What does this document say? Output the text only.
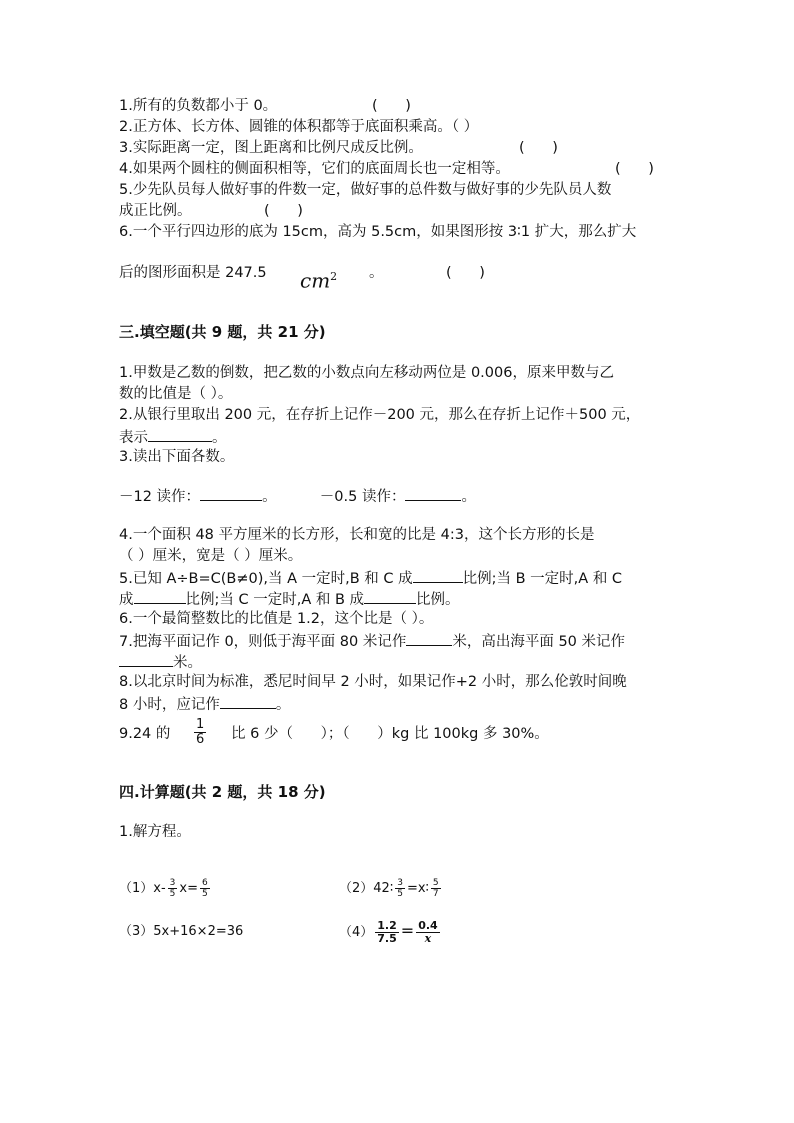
1.所有的负数都小于 0。	(      )
2.正方体、长方体、圆锥的体积都等于底面积乘高。（ ）
3.实际距离一定，图上距离和比例尺成反比例。	(      )
4.如果两个圆柱的侧面积相等，它们的底面周长也一定相等。	(      )
5.少先队员每人做好事的件数一定，做好事的总件数与做好事的少先队员人数
成正比例。	(      )
6.一个平行四边形的底为 15cm，高为 5.5cm，如果图形按 3∶1 扩大，那么扩大
后的图形面积是 247.5 $cm^2$ 。	(      )
三.填空题(共 9 题，共 21 分)
1.甲数是乙数的倒数，把乙数的小数点向左移动两位是 0.006，原来甲数与乙
数的比值是（ ）。
2.从银行里取出 200 元，在存折上记作－200 元，那么在存折上记作＋500 元，
表示	。
3.读出下面各数。
－12 读作：	。	－0.5 读作：	。
4.一个面积 48 平方厘米的长方形，长和宽的比是 4:3，这个长方形的长是
（ ）厘米，宽是（ ）厘米。
5.已知 A÷B=C(B≠0),当 A 一定时,B 和 C 成	比例;当 B 一定时,A 和 C
成	比例;当 C 一定时,A 和 B 成	比例。
6.一个最简整数比的比值是 1.2，这个比是（ ）。
7.把海平面记作 0，则低于海平面 80 米记作	米，高出海平面 50 米记作
米。
8.以北京时间为标准，悉尼时间早 2 小时，如果记作+2 小时，那么伦敦时间晚
8 小时，应记作	。
9.24 的
1
6 比 6 少（      ）；（      ）kg 比 100kg 多 30%。
四.计算题(共 2 题，共 18 分)
1.解方程。
$(1)x- \frac{3}{5} x= \frac{6}{5}$	（2）42∶ $\frac{3}{5}$ =x∶ $\frac{5}{7}$
（3）5x+16×2=36	$(4) \frac{1.2}{7.5} = \frac{0.4}{x}$
